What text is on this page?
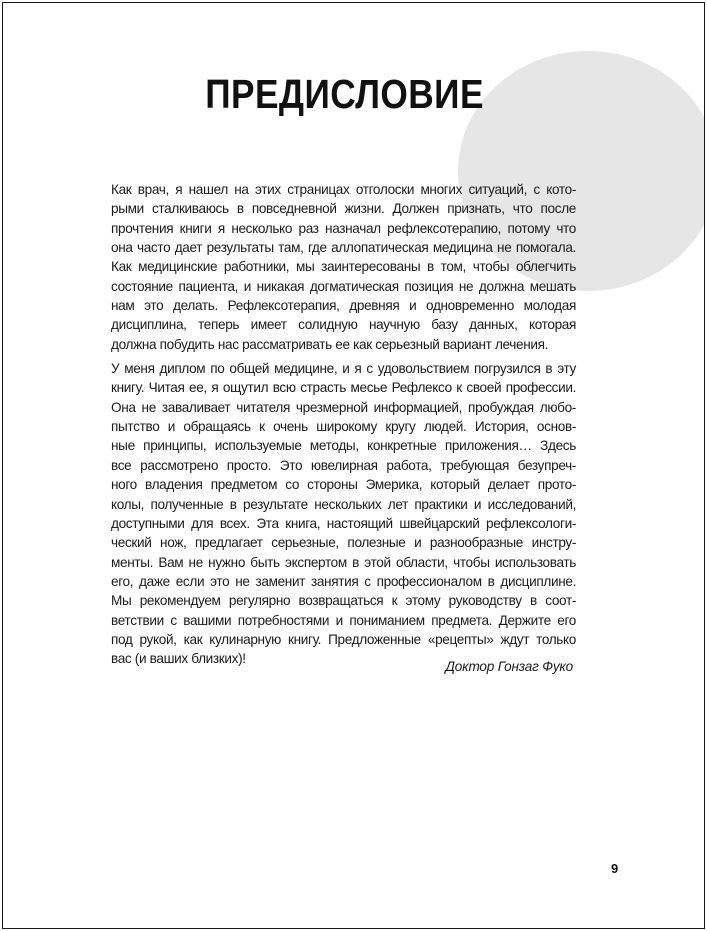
ПРЕДИСЛОВИЕ

Как врач, я нашел на этих страницах отголоски многих ситуаций, с кото-
рыми сталкиваюсь в повседневной жизни. Должен признать, что после
прочтения книги я несколько раз назначал рефлексотерапию, потому что
она часто дает результаты там, где аллопатическая медицина не помогала.
Как медицинские работники, мы заинтересованы в том, чтобы облегчить
состояние пациента, и никакая догматическая позиция не должна мешать
нам это делать. Рефлексотерапия, древняя и одновременно молодая
дисциплина, теперь имеет солидную научную базу данных, которая
должна побудить нас рассматривать ее как серьезный вариант лечения.

У меня диплом по общей медицине, и я с удовольствием погрузился в эту
книгу. Читая ее, я ощутил всю страсть месье Рефлексо к своей профессии.
Она не заваливает читателя чрезмерной информацией, пробуждая любо-
пытство и обращаясь к очень широкому кругу людей. История, основ-
ные принципы, используемые методы, конкретные приложения… Здесь
все рассмотрено просто. Это ювелирная работа, требующая безупреч-
ного владения предметом со стороны Эмерика, который делает прото-
колы, полученные в результате нескольких лет практики и исследований,
доступными для всех. Эта книга, настоящий швейцарский рефлексологи-
ческий нож, предлагает серьезные, полезные и разнообразные инстру-
менты. Вам не нужно быть экспертом в этой области, чтобы использовать
его, даже если это не заменит занятия с профессионалом в дисциплине.
Мы рекомендуем регулярно возвращаться к этому руководству в соот-
ветствии с вашими потребностями и пониманием предмета. Держите его
под рукой, как кулинарную книгу. Предложенные «рецепты» ждут только
вас (и ваших близких)!

Доктор Гонзаг Фуко
9
